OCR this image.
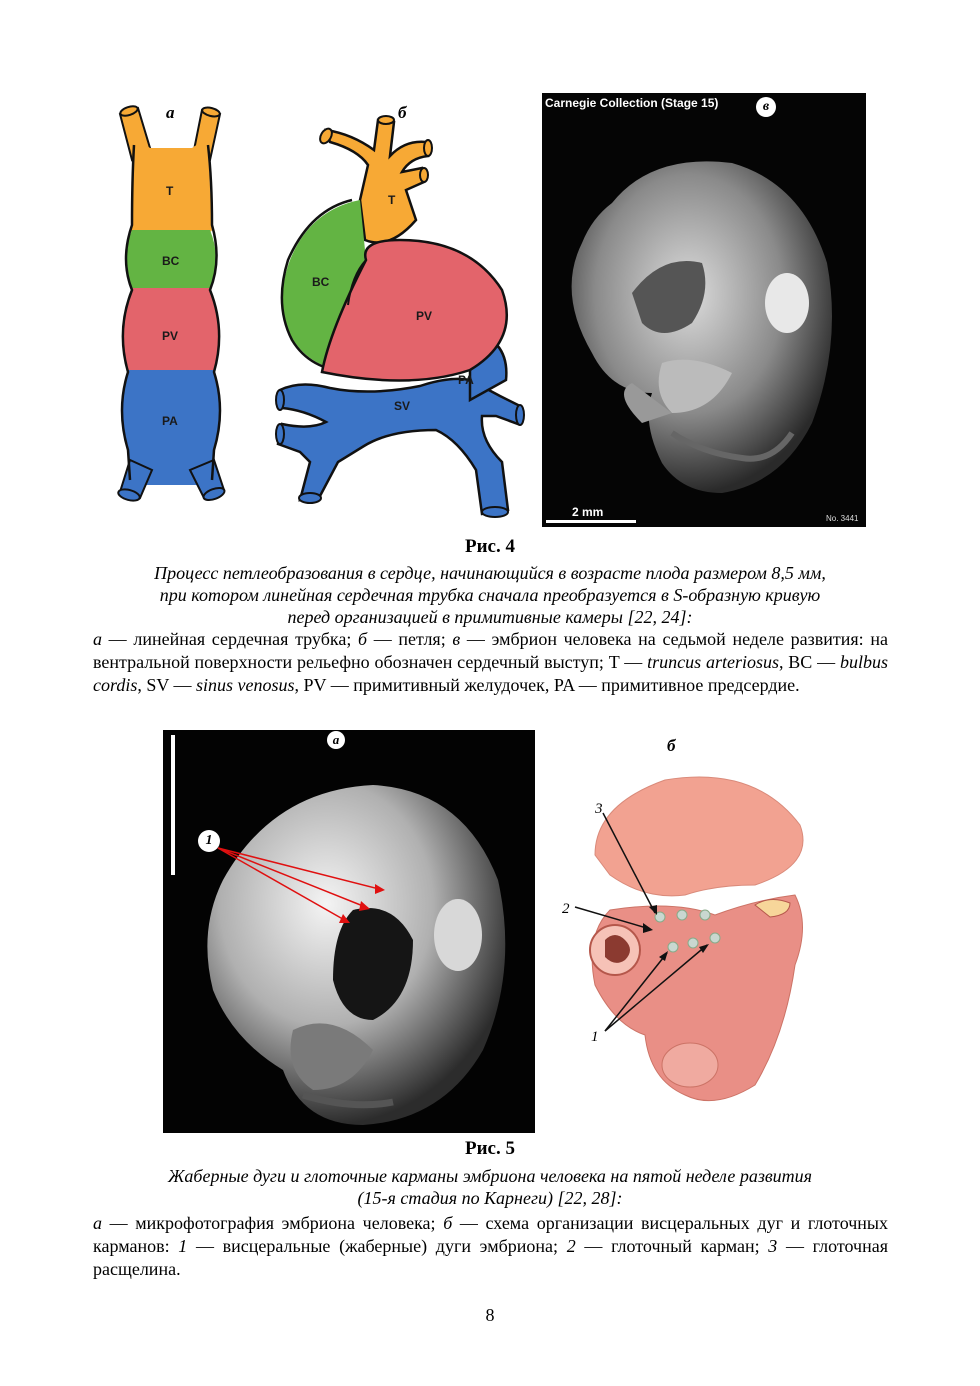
а
T
BC
PV
PA
б
T
BC
PV
PA
SV
Carnegie Collection (Stage 15)	в
2 mm	No. 3441
Рис. 4
Процесс петлеобразования в сердце, начинающийся в возрасте плода размером 8,5 мм,
при котором линейная сердечная трубка сначала преобразуется в S-образную кривую
перед организацией в примитивные камеры [22, 24]:
а — линейная сердечная трубка; б — петля; в — эмбрион человека на седьмой неделе развития: на вентральной поверхности рельефно обозначен сердечный выступ; T — truncus arteriosus, BC — bulbus cordis, SV — sinus venosus, PV — примитивный желудочек, PA — примитивное предсердие.
а
1
б
3
2
1
Рис. 5
Жаберные дуги и глоточные карманы эмбриона человека на пятой неделе развития
(15-я стадия по Карнеги) [22, 28]:
а — микрофотография эмбриона человека; б — схема организации висцеральных дуг и глоточных карманов: 1 — висцеральные (жаберные) дуги эмбриона; 2 — глоточный карман; 3 — глоточная расщелина.
8
